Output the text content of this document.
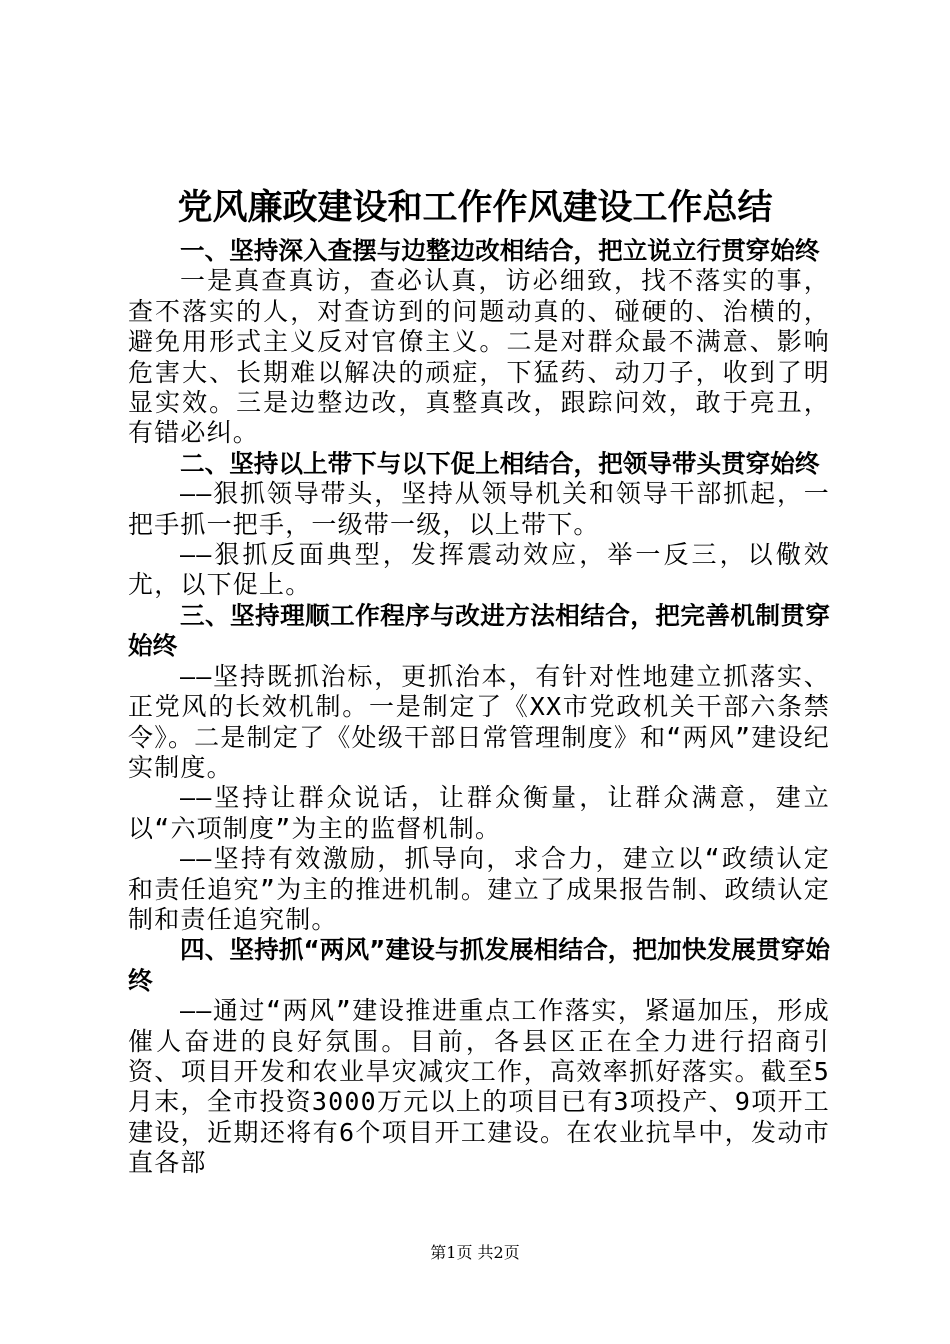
党风廉政建设和工作作风建设工作总结

一、坚持深入查摆与边整边改相结合，把立说立行贯穿始终

一是真查真访，查必认真，访必细致，找不落实的事，查不落实的人，对查访到的问题动真的、碰硬的、治横的，避免用形式主义反对官僚主义。二是对群众最不满意、影响危害大、长期难以解决的顽症，下猛药、动刀子，收到了明显实效。三是边整边改，真整真改，跟踪问效，敢于亮丑，有错必纠。

二、坚持以上带下与以下促上相结合，把领导带头贯穿始终

——狠抓领导带头，坚持从领导机关和领导干部抓起，一把手抓一把手，一级带一级，以上带下。

——狠抓反面典型，发挥震动效应，举一反三，以儆效尤，以下促上。

三、坚持理顺工作程序与改进方法相结合，把完善机制贯穿始终

——坚持既抓治标，更抓治本，有针对性地建立抓落实、正党风的长效机制。一是制定了《XX市党政机关干部六条禁令》。二是制定了《处级干部日常管理制度》和“两风”建设纪实制度。

——坚持让群众说话，让群众衡量，让群众满意，建立以“六项制度”为主的监督机制。

——坚持有效激励，抓导向，求合力，建立以“政绩认定和责任追究”为主的推进机制。建立了成果报告制、政绩认定制和责任追究制。

四、坚持抓“两风”建设与抓发展相结合，把加快发展贯穿始终

——通过“两风”建设推进重点工作落实，紧逼加压，形成催人奋进的良好氛围。目前，各县区正在全力进行招商引资、项目开发和农业旱灾减灾工作，高效率抓好落实。截至5月末，全市投资3000万元以上的项目已有3项投产、9项开工建设，近期还将有6个项目开工建设。在农业抗旱中，发动市直各部

第1页 共2页
